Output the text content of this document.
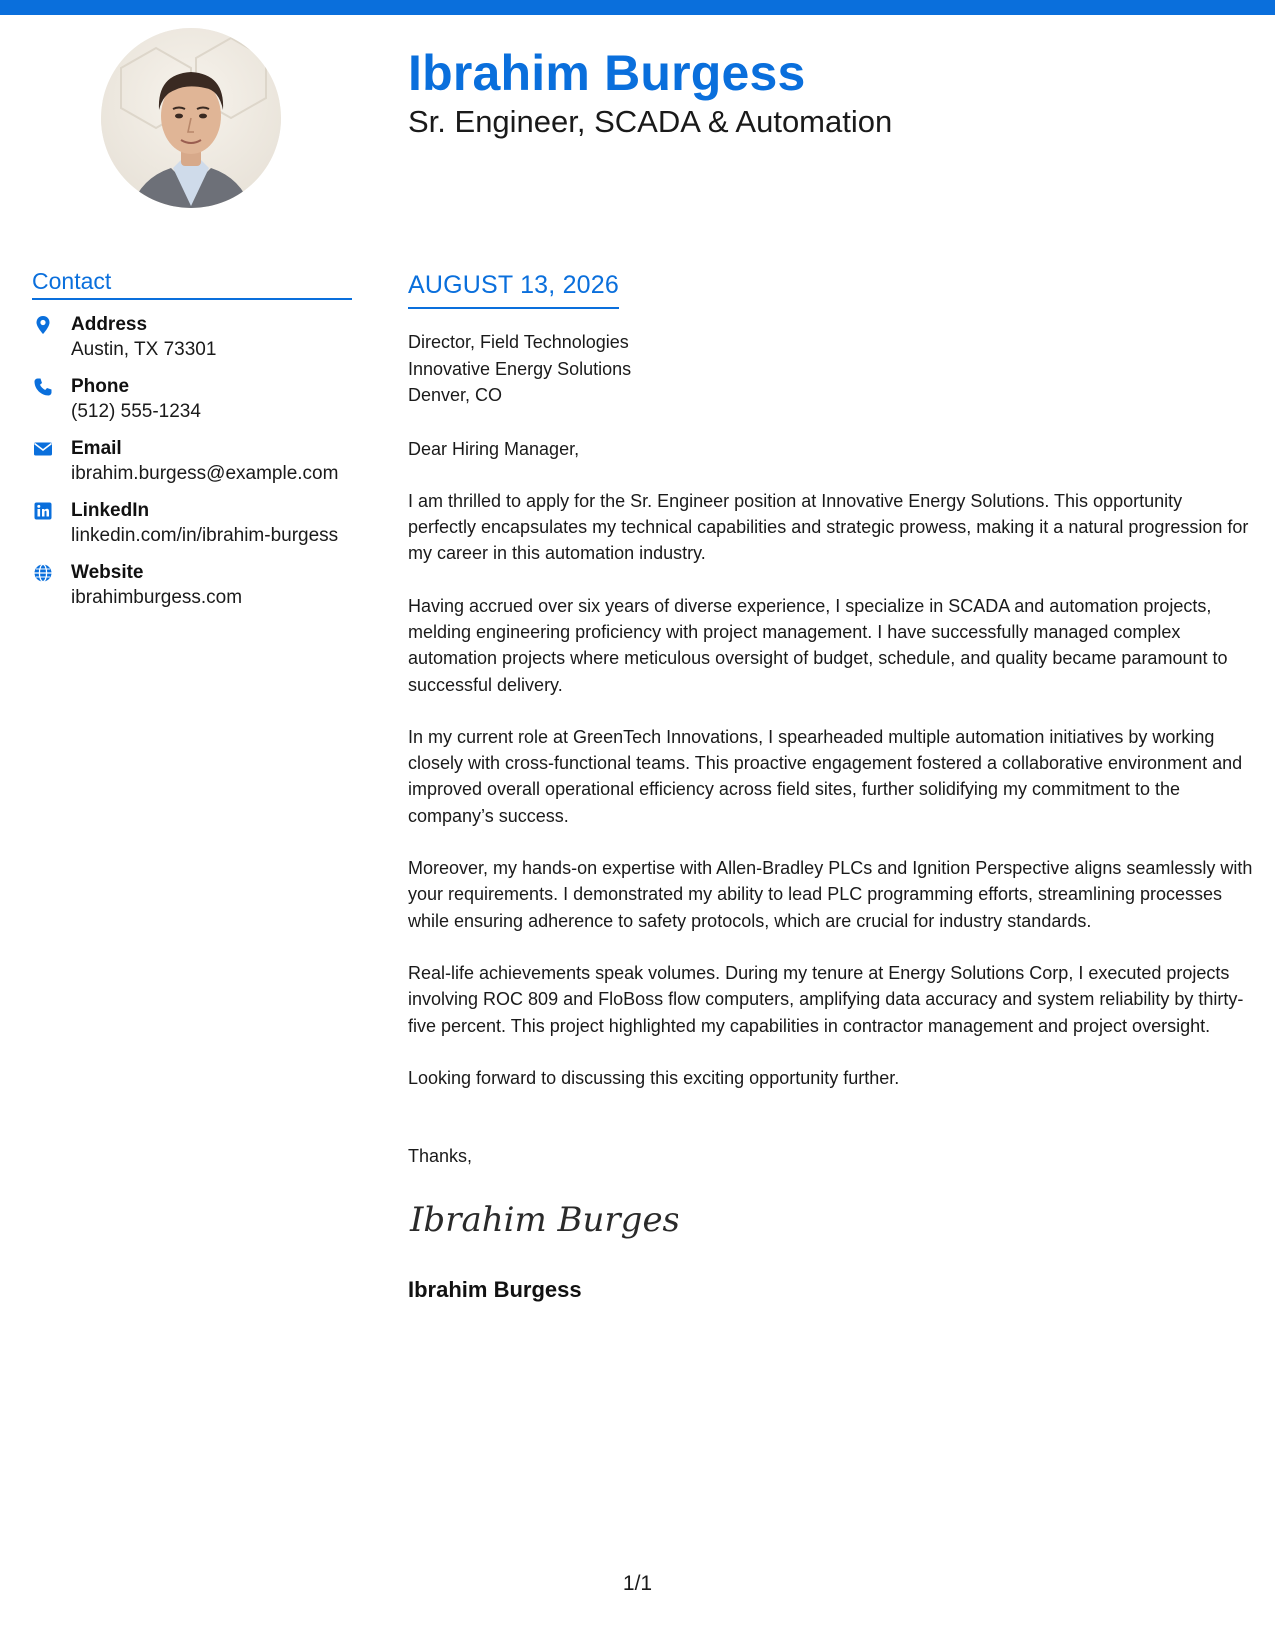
Ibrahim Burgess
Sr. Engineer, SCADA & Automation
Contact
Address
Austin, TX 73301
Phone
(512) 555-1234
Email
ibrahim.burgess@example.com
LinkedIn
linkedin.com/in/ibrahim-burgess
Website
ibrahimburgess.com
AUGUST 13, 2026
Director, Field Technologies
Innovative Energy Solutions
Denver, CO
Dear Hiring Manager,

I am thrilled to apply for the Sr. Engineer position at Innovative Energy Solutions. This opportunity perfectly encapsulates my technical capabilities and strategic prowess, making it a natural progression for my career in this automation industry.

Having accrued over six years of diverse experience, I specialize in SCADA and automation projects, melding engineering proficiency with project management. I have successfully managed complex automation projects where meticulous oversight of budget, schedule, and quality became paramount to successful delivery.

In my current role at GreenTech Innovations, I spearheaded multiple automation initiatives by working closely with cross-functional teams. This proactive engagement fostered a collaborative environment and improved overall operational efficiency across field sites, further solidifying my commitment to the company’s success.

Moreover, my hands-on expertise with Allen-Bradley PLCs and Ignition Perspective aligns seamlessly with your requirements. I demonstrated my ability to lead PLC programming efforts, streamlining processes while ensuring adherence to safety protocols, which are crucial for industry standards.

Real-life achievements speak volumes. During my tenure at Energy Solutions Corp, I executed projects involving ROC 809 and FloBoss flow computers, amplifying data accuracy and system reliability by thirty-five percent. This project highlighted my capabilities in contractor management and project oversight.

Looking forward to discussing this exciting opportunity further.

Thanks,
Ibrahim Burgess
Ibrahim Burgess
1/1
